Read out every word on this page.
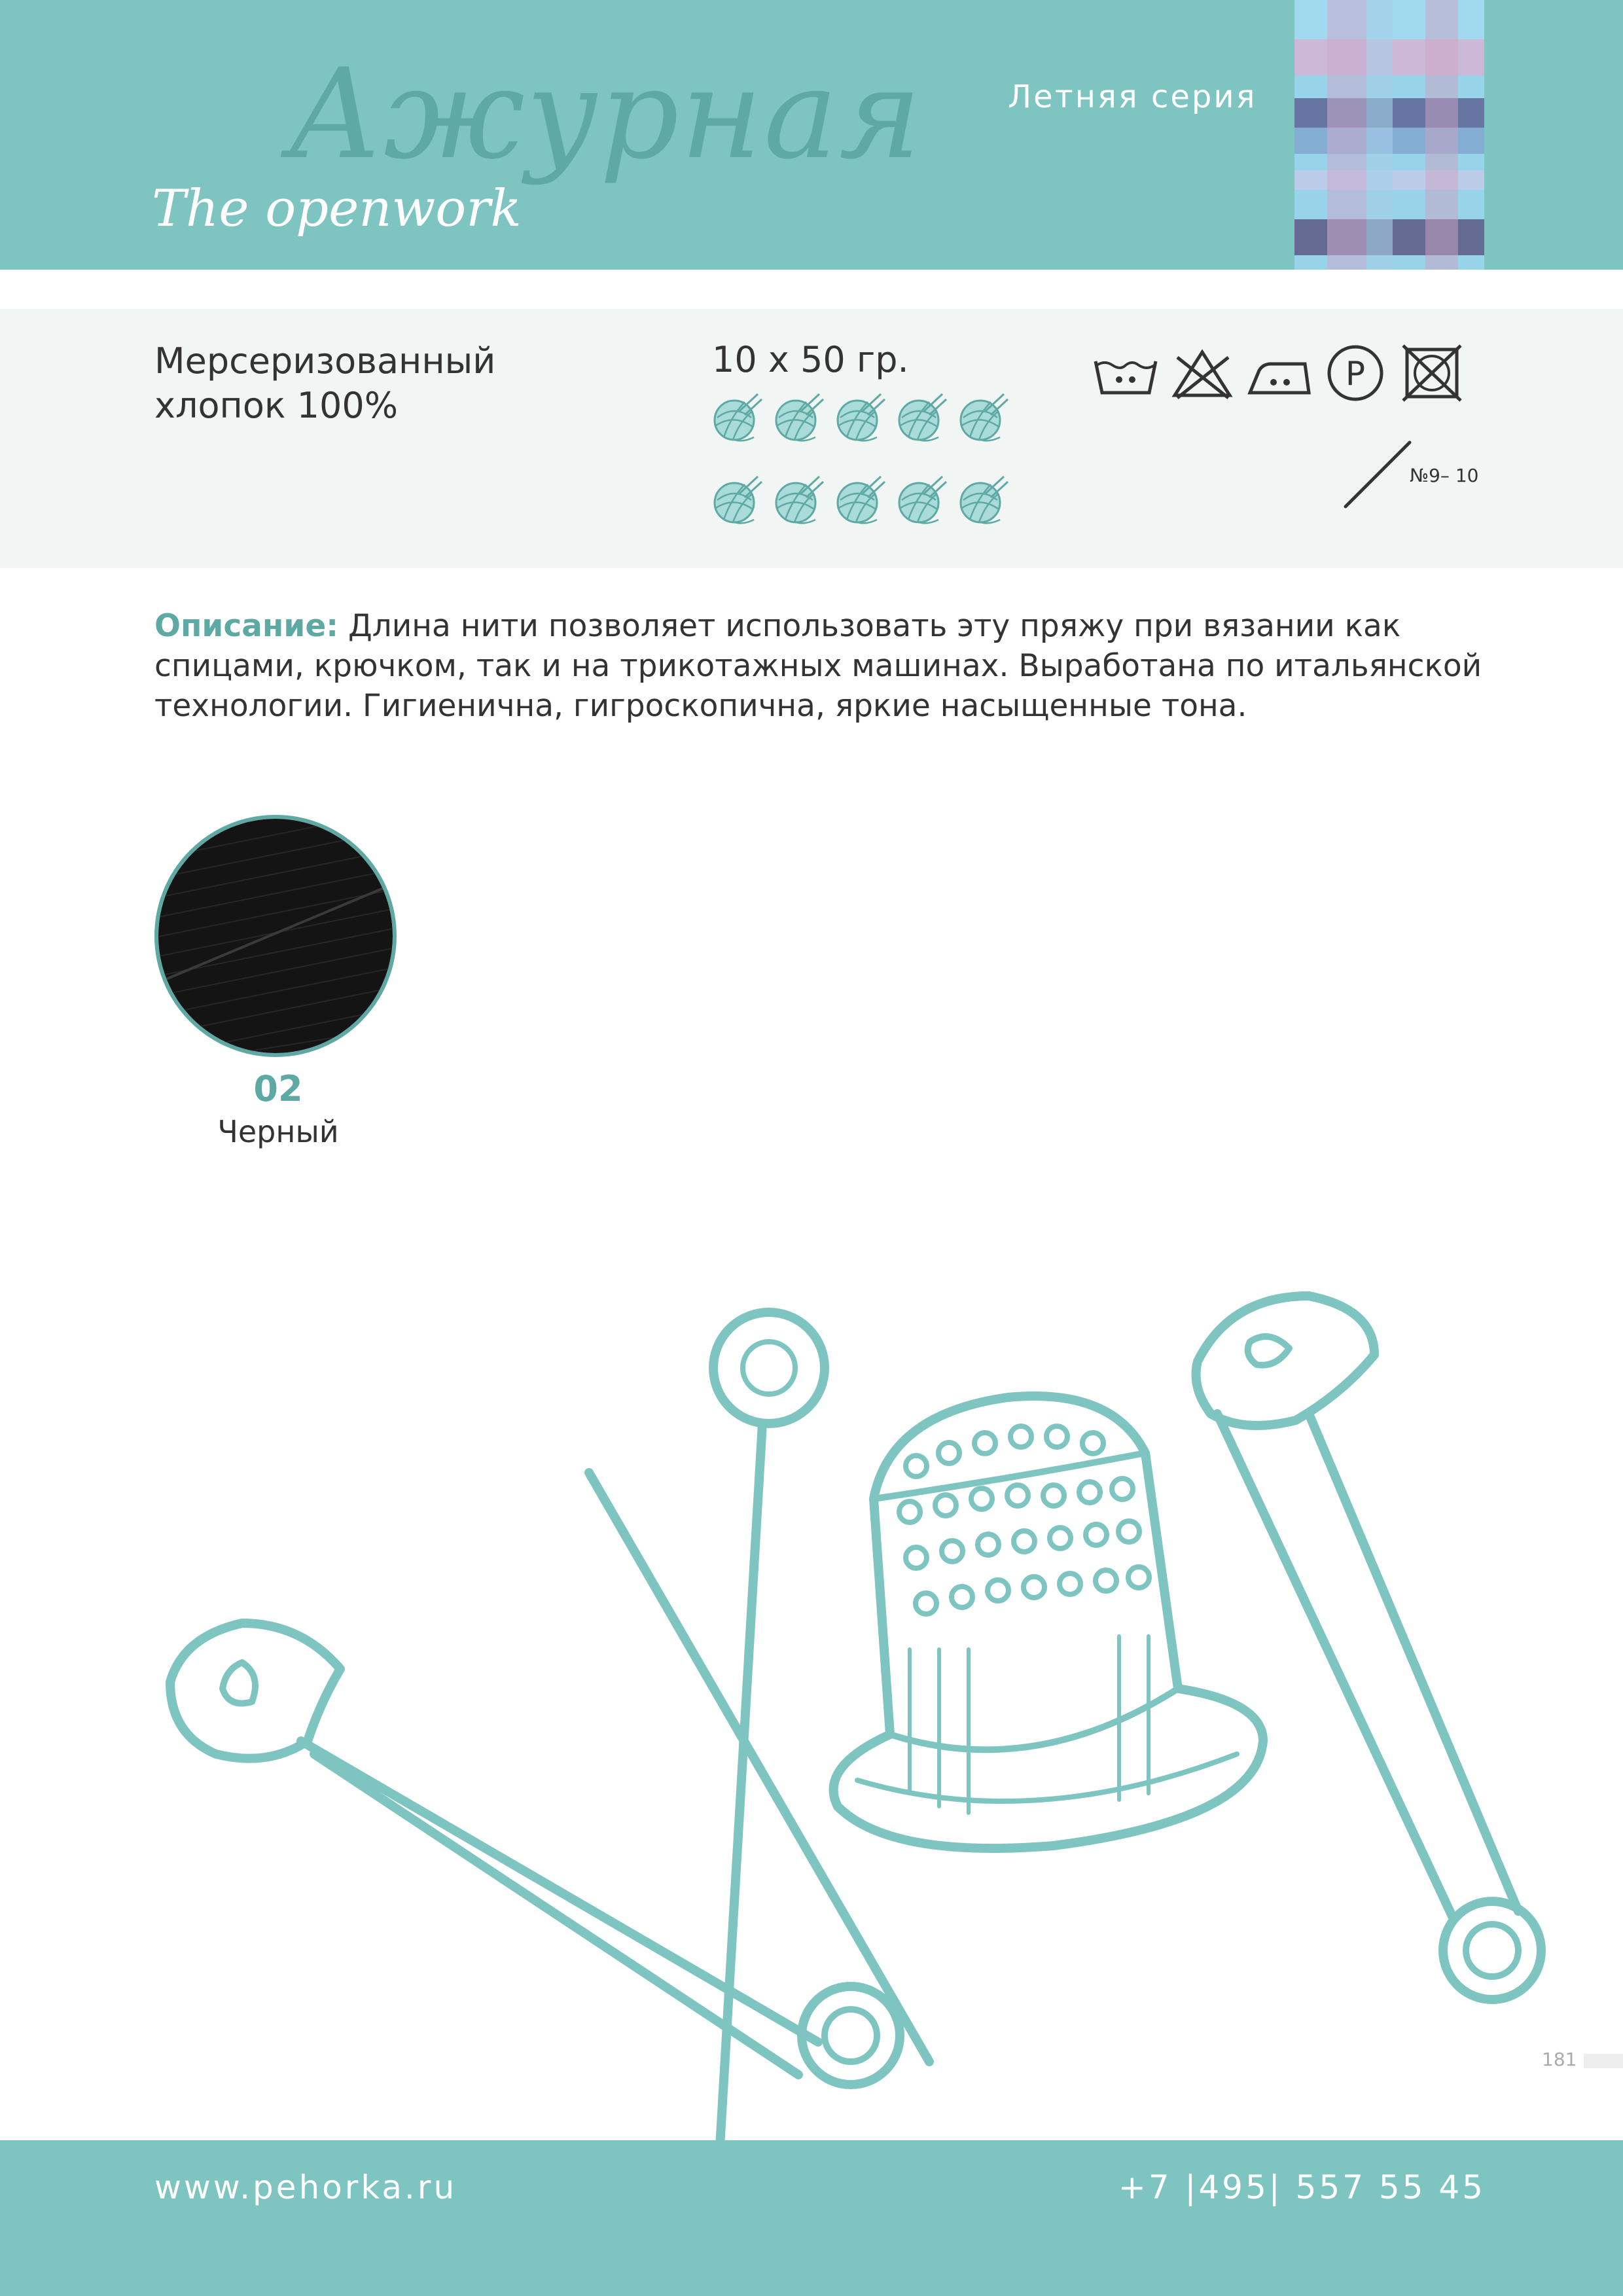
Ажурная
The openwork
Летняя серия
Мерсеризованный
хлопок 100%
10 x 50 гр.
	P

№9– 10
Описание: Длина нити позволяет использовать эту пряжу при вязании как спицами, крючком, так и на трикотажных машинах. Выработана по итальянской технологии. Гигиенична, гигроскопична, яркие насыщенные тона.
02
Черный
181
www.pehorka.ru	+7 |495| 557 55 45
